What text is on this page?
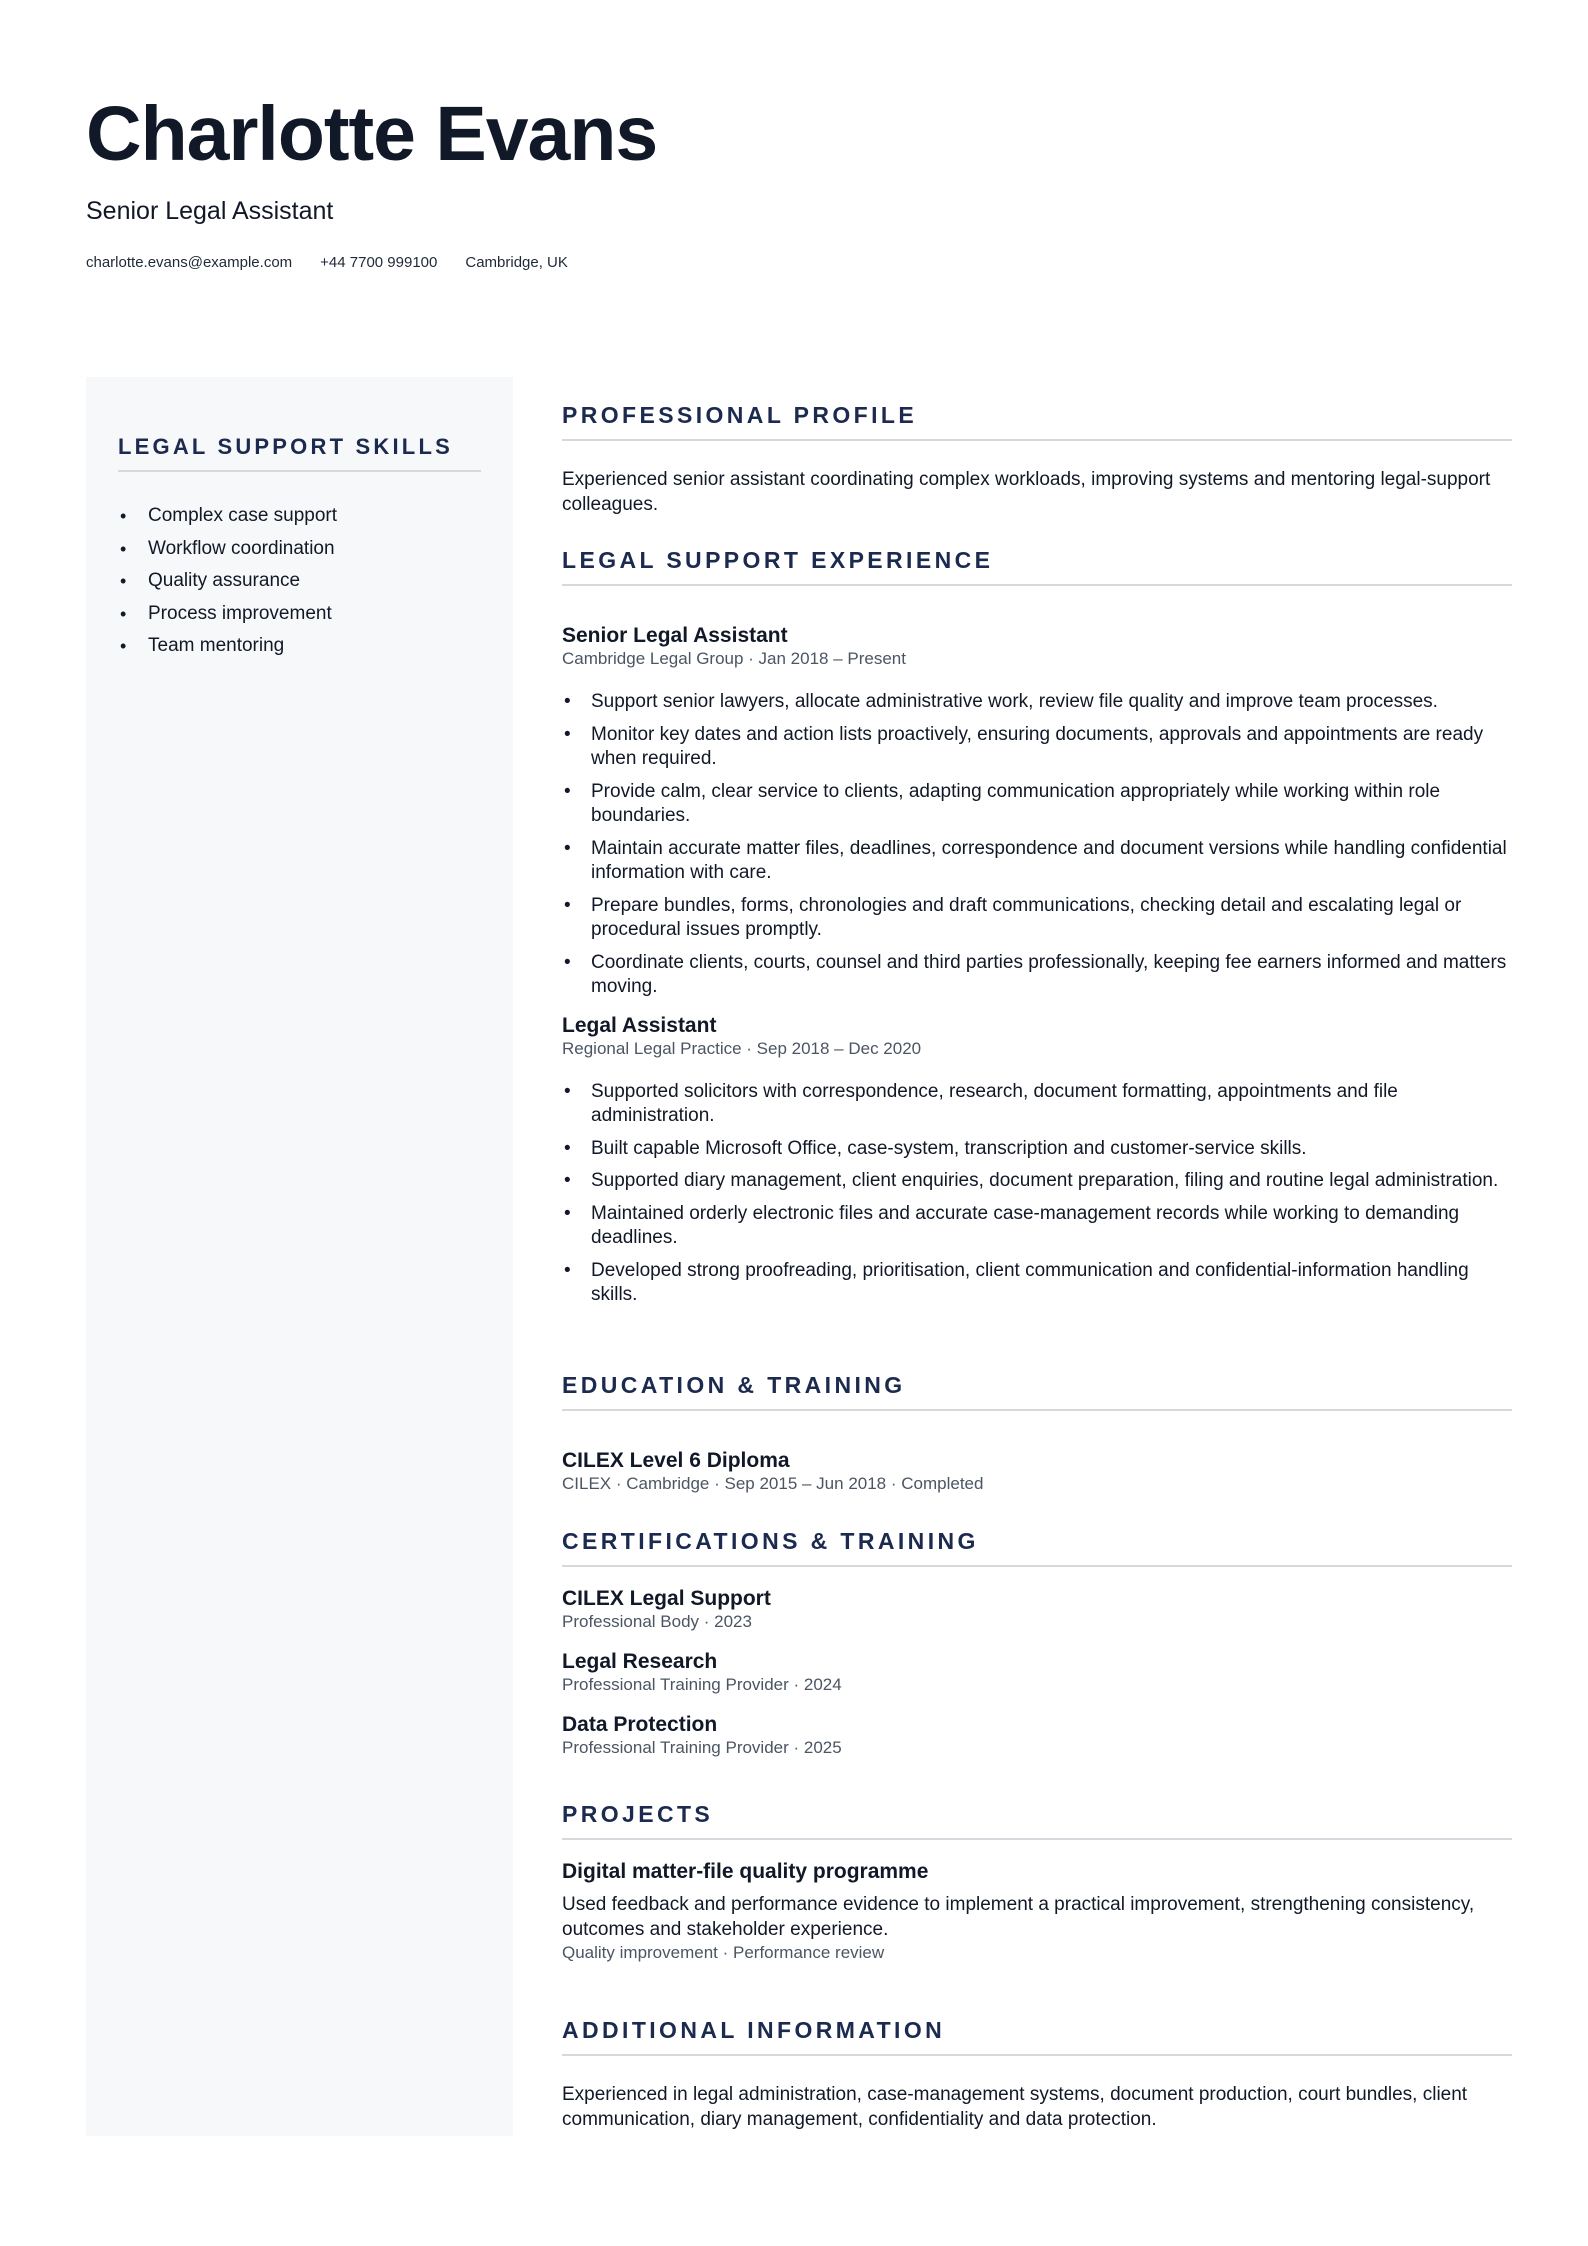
Charlotte Evans
Senior Legal Assistant
charlotte.evans@example.com +44 7700 999100 Cambridge, UK
LEGAL SUPPORT SKILLS
• Complex case support
• Workflow coordination
• Quality assurance
• Process improvement
• Team mentoring
PROFESSIONAL PROFILE

Experienced senior assistant coordinating complex workloads, improving systems and mentoring legal-support colleagues.

LEGAL SUPPORT EXPERIENCE
Senior Legal Assistant
Cambridge Legal Group · Jan 2018 – Present
• Support senior lawyers, allocate administrative work, review file quality and improve team processes.
• Monitor key dates and action lists proactively, ensuring documents, approvals and appointments are ready when required.
• Provide calm, clear service to clients, adapting communication appropriately while working within role boundaries.
• Maintain accurate matter files, deadlines, correspondence and document versions while handling confidential information with care.
• Prepare bundles, forms, chronologies and draft communications, checking detail and escalating legal or procedural issues promptly.
• Coordinate clients, courts, counsel and third parties professionally, keeping fee earners informed and matters moving.
Legal Assistant
Regional Legal Practice · Sep 2018 – Dec 2020
• Supported solicitors with correspondence, research, document formatting, appointments and file administration.
• Built capable Microsoft Office, case-system, transcription and customer-service skills.
• Supported diary management, client enquiries, document preparation, filing and routine legal administration.
• Maintained orderly electronic files and accurate case-management records while working to demanding deadlines.
• Developed strong proofreading, prioritisation, client communication and confidential-information handling skills.
EDUCATION & TRAINING
CILEX Level 6 Diploma
CILEX · Cambridge · Sep 2015 – Jun 2018 · Completed
CERTIFICATIONS & TRAINING
CILEX Legal Support
Professional Body · 2023
Legal Research
Professional Training Provider · 2024
Data Protection
Professional Training Provider · 2025
PROJECTS
Digital matter-file quality programme

Used feedback and performance evidence to implement a practical improvement, strengthening consistency, outcomes and stakeholder experience.

Quality improvement · Performance review
ADDITIONAL INFORMATION

Experienced in legal administration, case-management systems, document production, court bundles, client communication, diary management, confidentiality and data protection.
